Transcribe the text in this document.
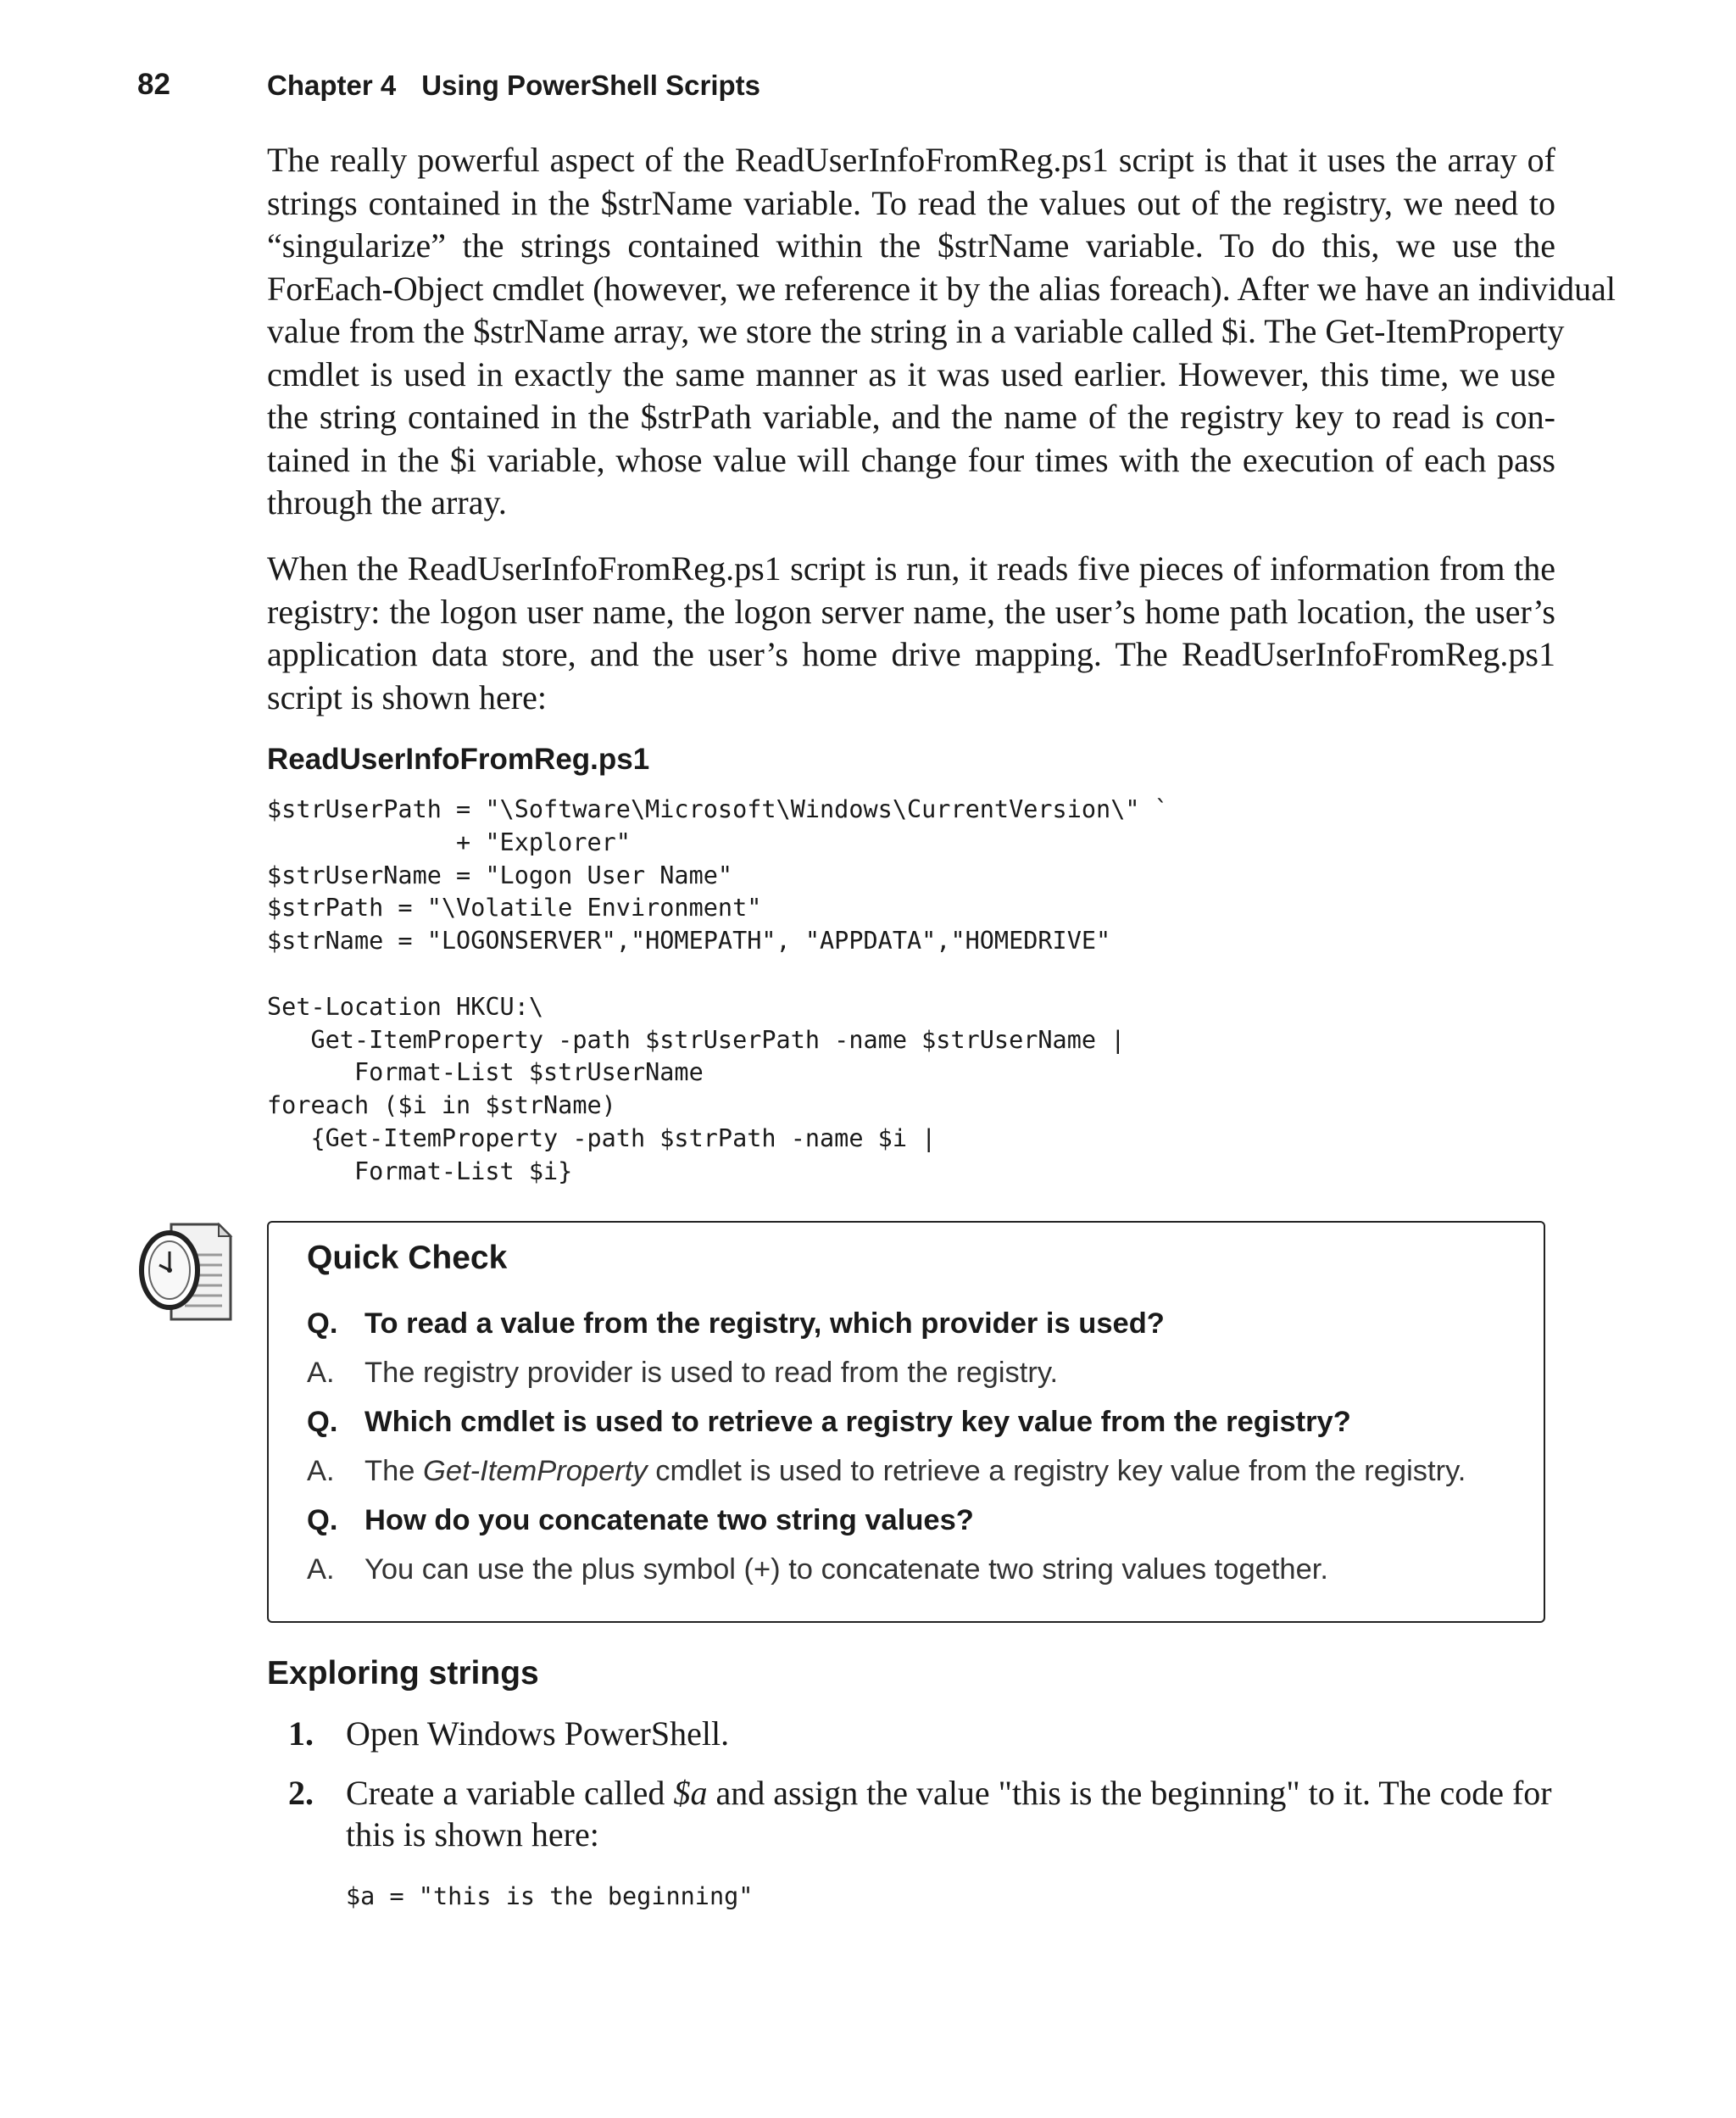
82	Chapter 4 Using PowerShell Scripts
The really powerful aspect of the ReadUserInfoFromReg.ps1 script is that it uses the array of
strings contained in the $strName variable. To read the values out of the registry, we need to
“singularize” the strings contained within the $strName variable. To do this, we use the
ForEach-Object cmdlet (however, we reference it by the alias foreach). After we have an individual
value from the $strName array, we store the string in a variable called $i. The Get-ItemProperty
cmdlet is used in exactly the same manner as it was used earlier. However, this time, we use
the string contained in the $strPath variable, and the name of the registry key to read is con-
tained in the $i variable, whose value will change four times with the execution of each pass
through the array.
When the ReadUserInfoFromReg.ps1 script is run, it reads five pieces of information from the
registry: the logon user name, the logon server name, the user’s home path location, the user’s
application data store, and the user’s home drive mapping. The ReadUserInfoFromReg.ps1
script is shown here:
ReadUserInfoFromReg.ps1
$strUserPath = "\Software\Microsoft\Windows\CurrentVersion\" `
+ "Explorer"
$strUserName = "Logon User Name"
$strPath = "\Volatile Environment"
$strName = "LOGONSERVER","HOMEPATH", "APPDATA","HOMEDRIVE"

Set-Location HKCU:\
Get-ItemProperty -path $strUserPath -name $strUserName |
Format-List $strUserName
foreach ($i in $strName)
{Get-ItemProperty -path $strPath -name $i |
Format-List $i}
Quick Check
Q. To read a value from the registry, which provider is used?
A. The registry provider is used to read from the registry.
Q. Which cmdlet is used to retrieve a registry key value from the registry?
A. The Get-ItemProperty cmdlet is used to retrieve a registry key value from the registry.
Q. How do you concatenate two string values?
A. You can use the plus symbol (+) to concatenate two string values together.
Exploring strings
1. Open Windows PowerShell.
2. Create a variable called $a and assign the value "this is the beginning" to it. The code for
this is shown here:
$a = "this is the beginning"
